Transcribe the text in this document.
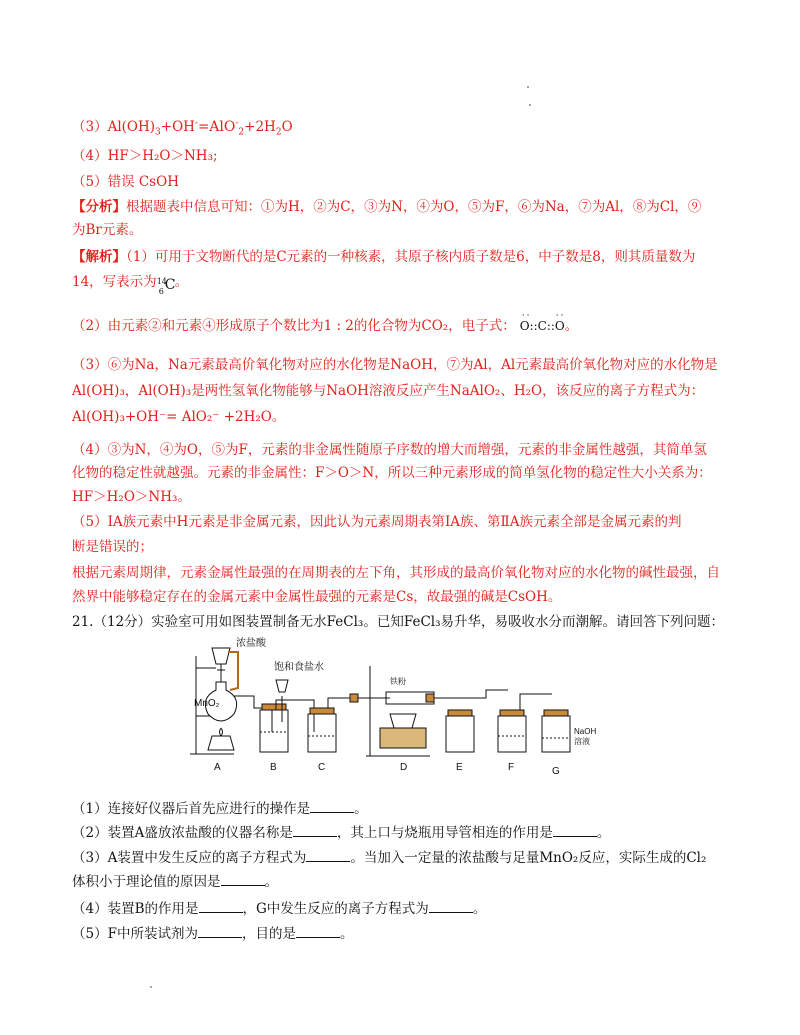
$(3)Al(OH)_3+OH^-=AlO^-_2+2H_2O$
（4）HF＞H₂O＞NH₃;
（5）错误 CsOH
【分析】根据题表中信息可知：①为H，②为C，③为N，④为O，⑤为F，⑥为Na，⑦为Al，⑧为Cl，⑨
为Br元素。
【解析】（1）可用于文物断代的是C元素的一种核素，其原子核内质子数是6，中子数是8，则其质量数为
14，写表示为 14
6 C 。
（2）由元素②和元素④形成原子个数比为1 : 2的化合物为CO₂，电子式：
··	··
O::C::O。
（3）⑥为Na，Na元素最高价氧化物对应的水化物是NaOH，⑦为Al，Al元素最高价氧化物对应的水化物是
Al(OH)₃，Al(OH)₃是两性氢氧化物能够与NaOH溶液反应产生NaAlO₂、H₂O，该反应的离子方程式为：
Al(OH)₃+OH⁻= AlO₂⁻ +2H₂O。
（4）③为N，④为O，⑤为F，元素的非金属性随原子序数的增大而增强，元素的非金属性越强，其简单氢
化物的稳定性就越强。元素的非金属性：F＞O＞N，所以三种元素形成的简单氢化物的稳定性大小关系为：
HF＞H₂O＞NH₃。
（5）ⅠA族元素中H元素是非金属元素，因此认为元素周期表第ⅠA族、第ⅡA族元素全部是金属元素的判
断是错误的；
根据元素周期律，元素金属性最强的在周期表的左下角，其形成的最高价氧化物对应的水化物的碱性最强，自
然界中能够稳定存在的金属元素中金属性最强的元素是Cs，故最强的碱是CsOH。
21.（12分）实验室可用如图装置制备无水FeCl₃。已知FeCl₃易升华，易吸收水分而潮解。请回答下列问题：
浓盐酸
饱和食盐水
MnO₂
铁粉
NaOH
溶液
A	B	C	D	E	F	G
（1）连接好仪器后首先应进行的操作是	。
（2）装置A盛放浓盐酸的仪器名称是	，其上口与烧瓶用导管相连的作用是	。
（3）A装置中发生反应的离子方程式为	。当加入一定量的浓盐酸与足量MnO₂反应，实际生成的Cl₂
体积小于理论值的原因是	。
（4）装置B的作用是	，G中发生反应的离子方程式为	。
（5）F中所装试剂为	，目的是	。
